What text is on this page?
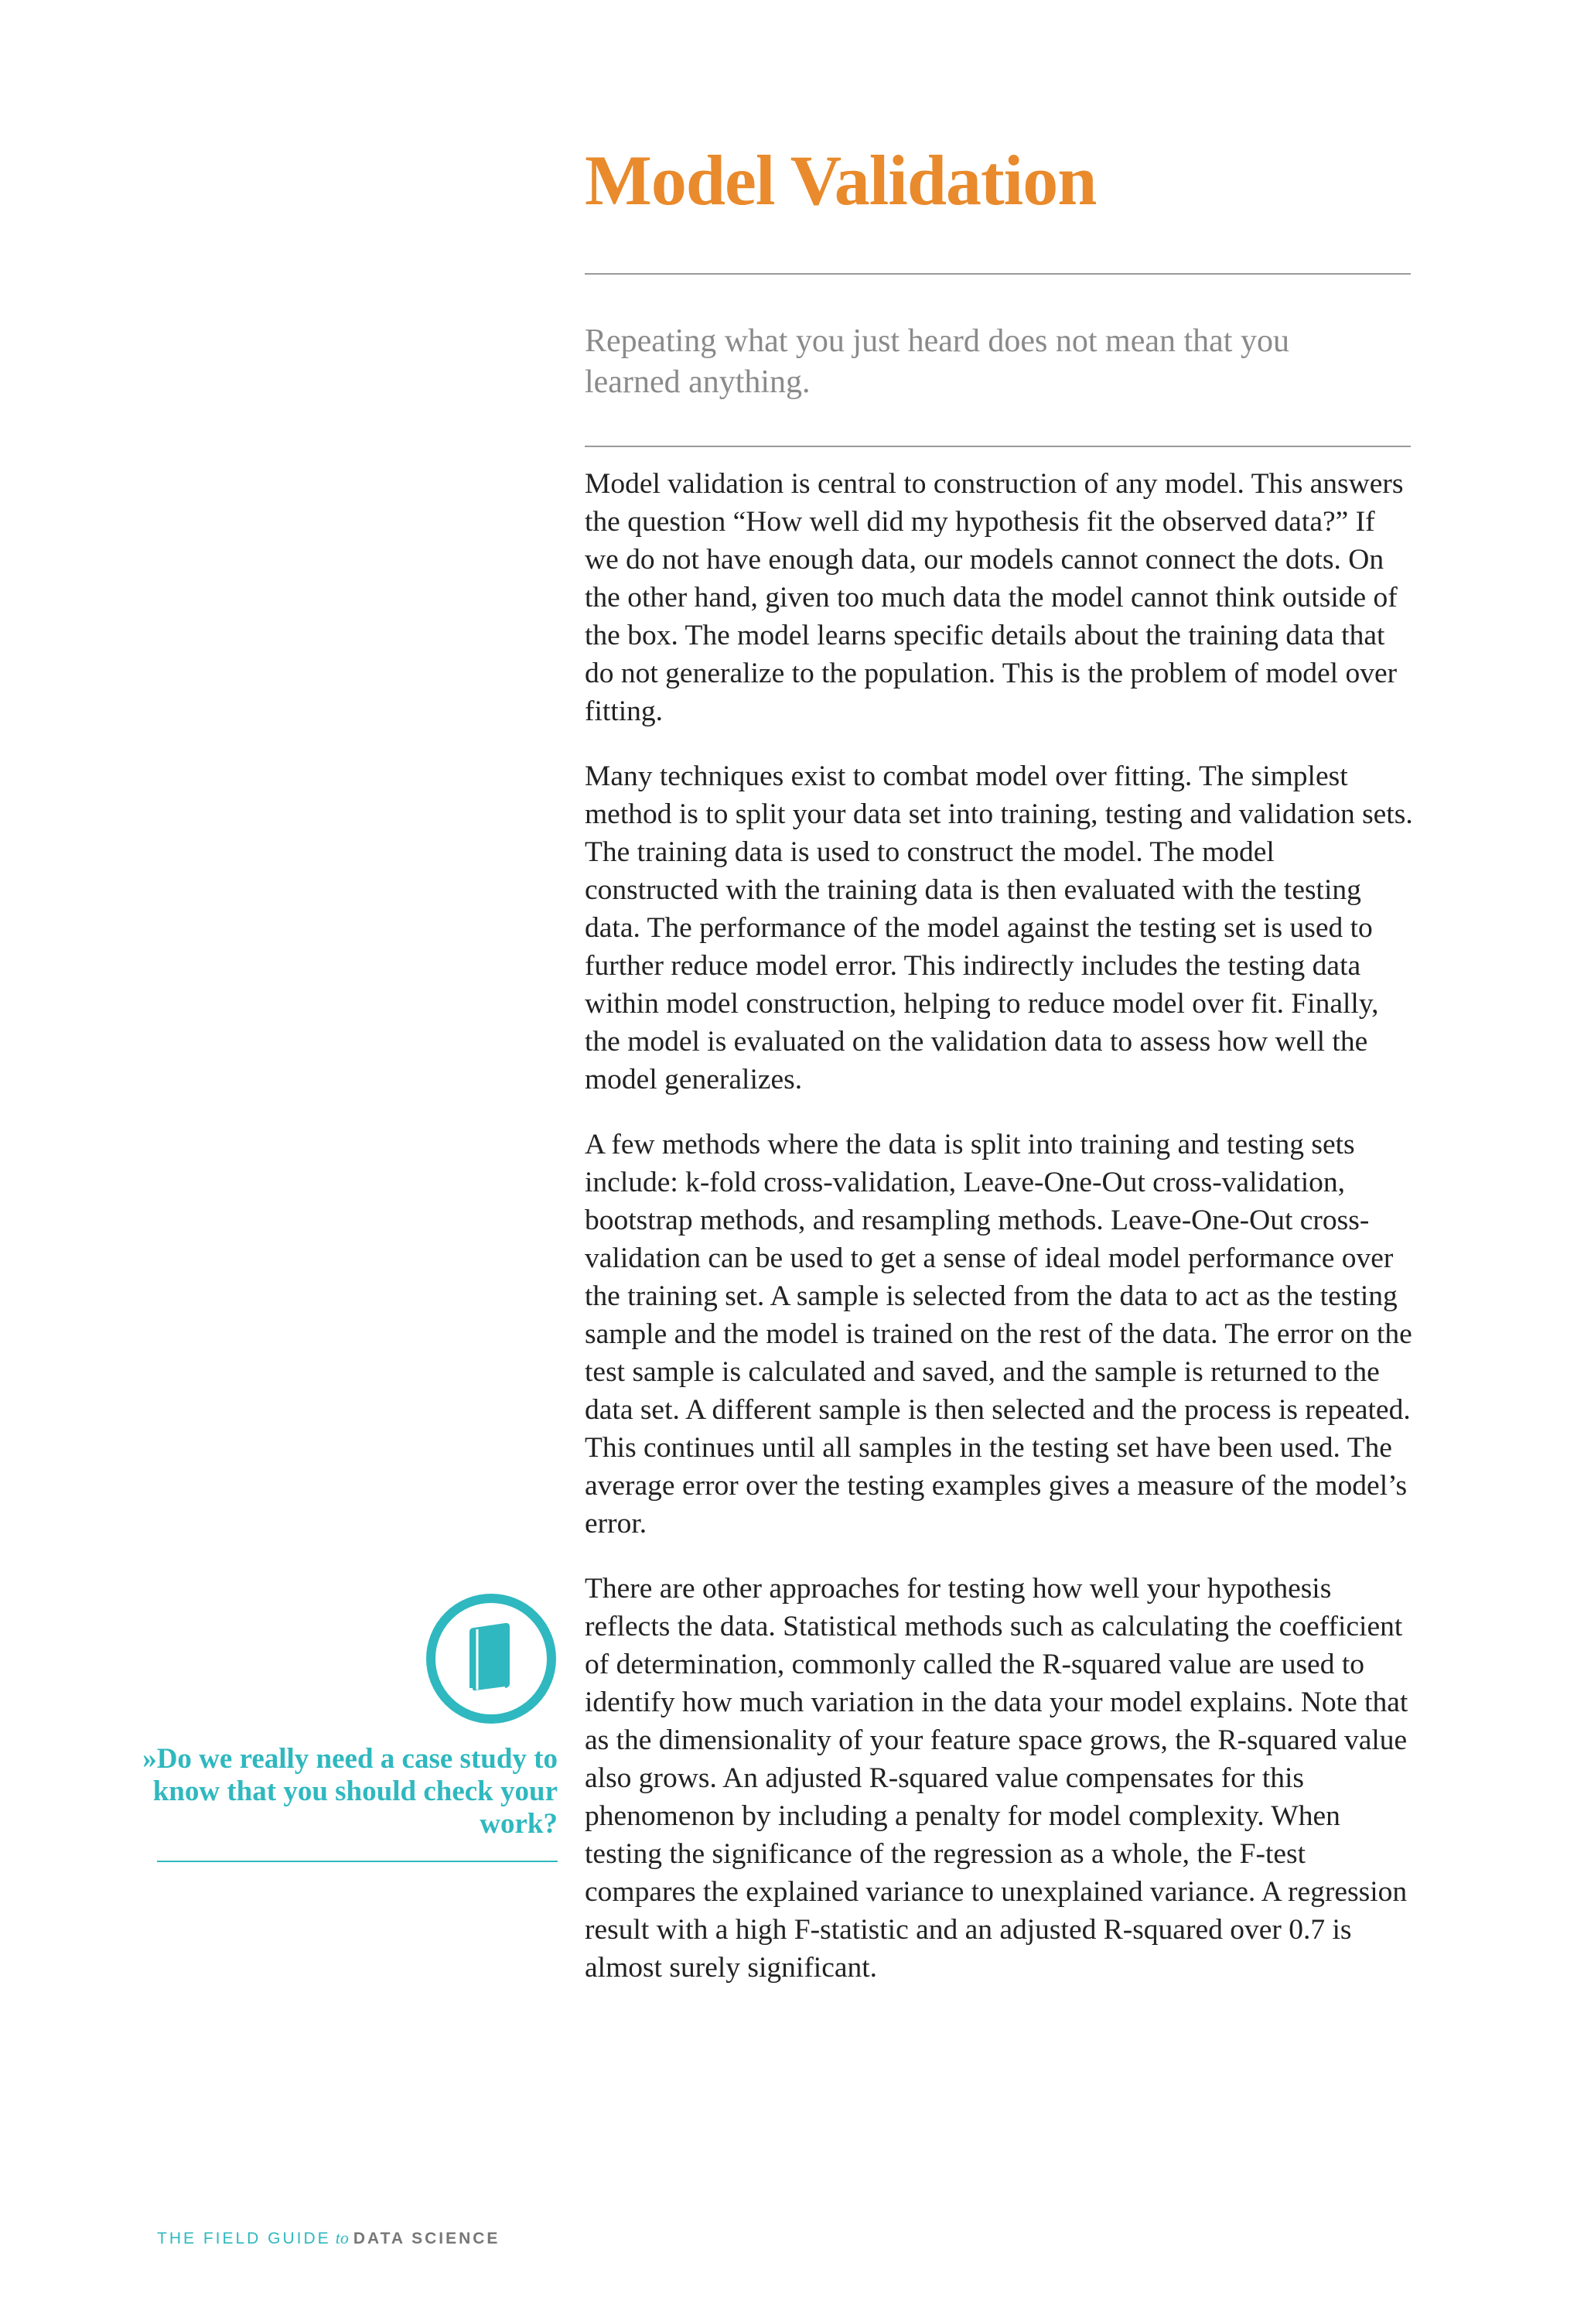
Model Validation

Repeating what you just heard does not mean that you learned anything.

Model validation is central to construction of any model. This answers the question “How well did my hypothesis fit the observed data?” If we do not have enough data, our models cannot connect the dots. On the other hand, given too much data the model cannot think outside of the box. The model learns specific details about the training data that do not generalize to the population. This is the problem of model over fitting.

Many techniques exist to combat model over fitting. The simplest method is to split your data set into training, testing and validation sets. The training data is used to construct the model. The model constructed with the training data is then evaluated with the testing data. The performance of the model against the testing set is used to further reduce model error. This indirectly includes the testing data within model construction, helping to reduce model over fit. Finally, the model is evaluated on the validation data to assess how well the model generalizes.

A few methods where the data is split into training and testing sets include: k-fold cross-validation, Leave-One-Out cross-validation, bootstrap methods, and resampling methods. Leave-One-Out cross-validation can be used to get a sense of ideal model performance over the training set. A sample is selected from the data to act as the testing sample and the model is trained on the rest of the data. The error on the test sample is calculated and saved, and the sample is returned to the data set. A different sample is then selected and the process is repeated. This continues until all samples in the testing set have been used. The average error over the testing examples gives a measure of the model’s error.

There are other approaches for testing how well your hypothesis reflects the data. Statistical methods such as calculating the coefficient of determination, commonly called the R-squared value are used to identify how much variation in the data your model explains. Note that as the dimensionality of your feature space grows, the R-squared value also grows. An adjusted R-squared value compensates for this phenomenon by including a penalty for model complexity. When testing the significance of the regression as a whole, the F-test compares the explained variance to unexplained variance. A regression result with a high F-statistic and an adjusted R-squared over 0.7 is almost surely significant.

»Do we really need a case study to know that you should check your work?

THE FIELD GUIDE to DATA SCIENCE
